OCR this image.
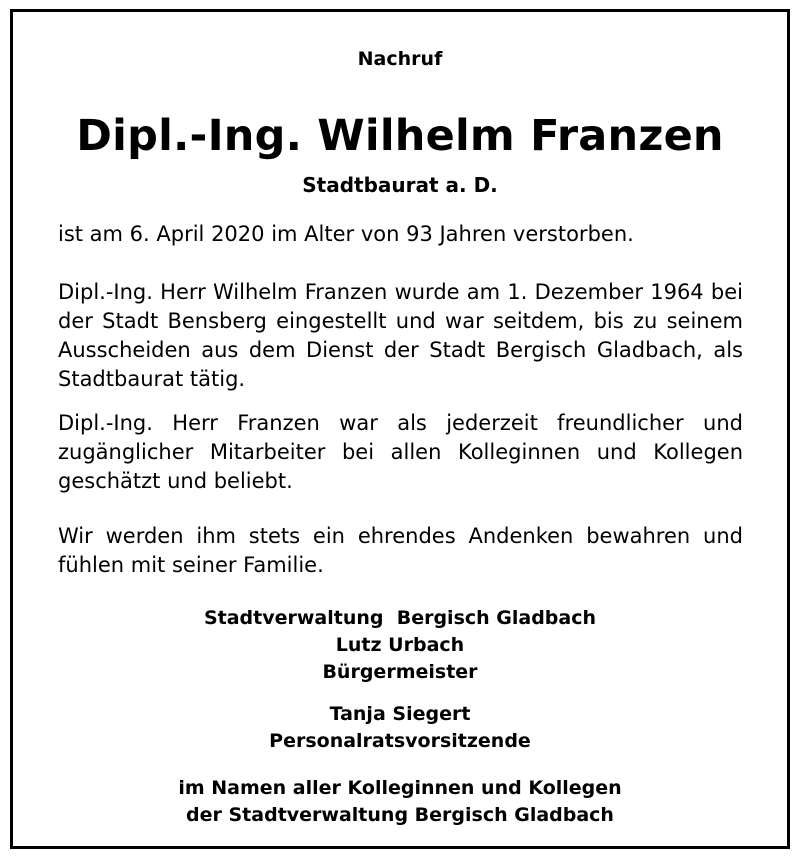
Nachruf
Dipl.-Ing. Wilhelm Franzen
Stadtbaurat a. D.
ist am 6. April 2020 im Alter von 93 Jahren verstorben.
Dipl.-Ing. Herr Wilhelm Franzen wurde am 1. Dezember 1964 bei der Stadt Bensberg eingestellt und war seitdem, bis zu seinem Ausscheiden aus dem Dienst der Stadt Bergisch Gladbach, als Stadtbaurat tätig.
Dipl.-Ing. Herr Franzen war als jederzeit freundlicher und zugänglicher Mitarbeiter bei allen Kolleginnen und Kollegen geschätzt und beliebt.
Wir werden ihm stets ein ehrendes Andenken bewahren und fühlen mit seiner Familie.
Stadtverwaltung  Bergisch Gladbach
Lutz Urbach
Bürgermeister
Tanja Siegert
Personalratsvorsitzende
im Namen aller Kolleginnen und Kollegen
der Stadtverwaltung Bergisch Gladbach
